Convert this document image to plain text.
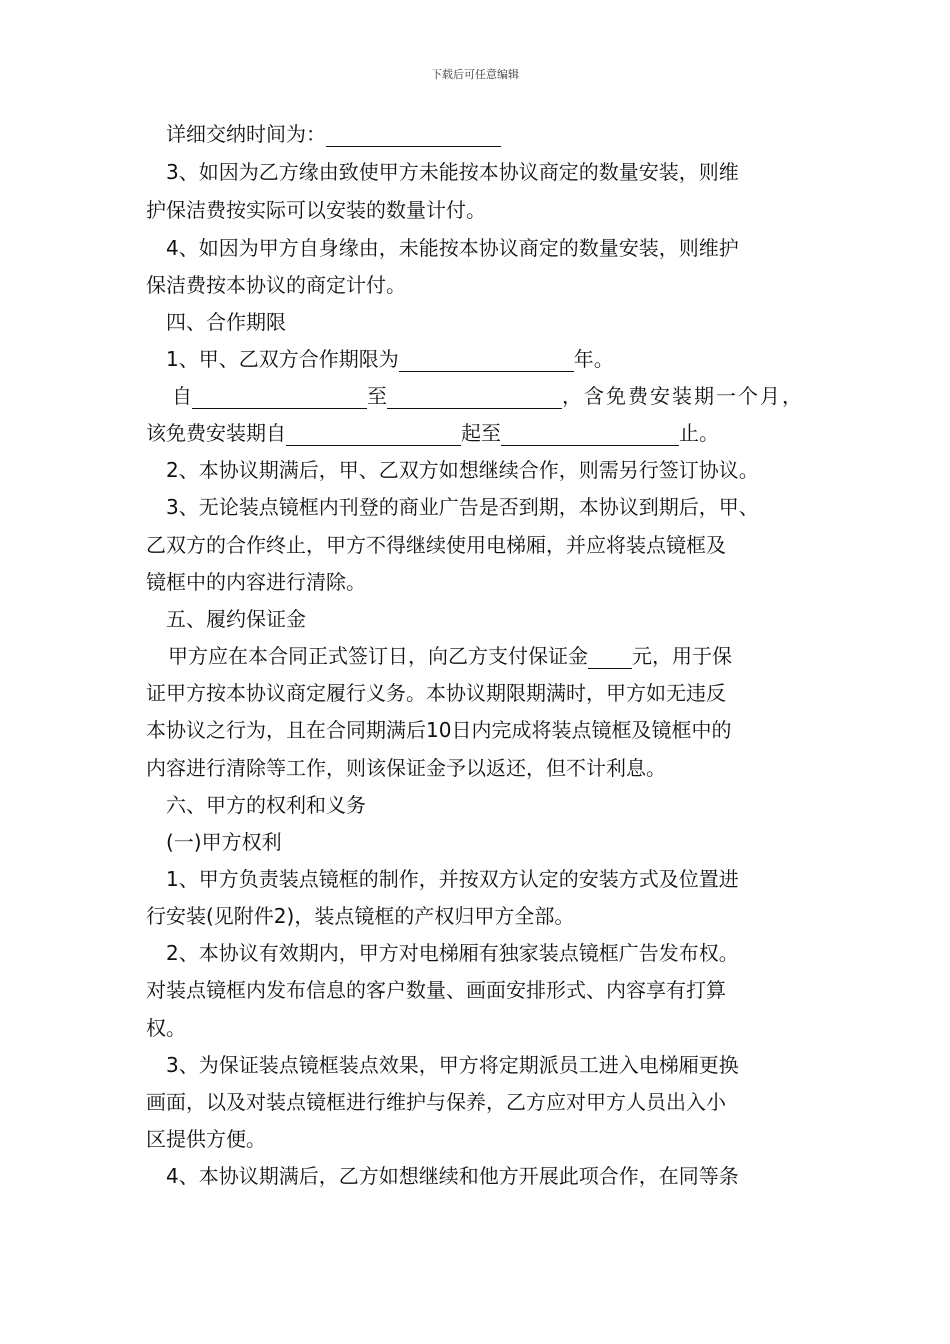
下载后可任意编辑
详细交纳时间为：
3、如因为乙方缘由致使甲方未能按本协议商定的数量安装，则维
护保洁费按实际可以安装的数量计付。
4、如因为甲方自身缘由，未能按本协议商定的数量安装，则维护
保洁费按本协议的商定计付。
四、合作期限
1、甲、乙双方合作期限为	年。
自	至	，含免费安装期一个月，
该免费安装期自	起至	止。
2、本协议期满后，甲、乙双方如想继续合作，则需另行签订协议。
3、无论装点镜框内刊登的商业广告是否到期，本协议到期后，甲、
乙双方的合作终止，甲方不得继续使用电梯厢，并应将装点镜框及
镜框中的内容进行清除。
五、履约保证金
甲方应在本合同正式签订日，向乙方支付保证金 元，用于保
证甲方按本协议商定履行义务。本协议期限期满时，甲方如无违反
本协议之行为，且在合同期满后10日内完成将装点镜框及镜框中的
内容进行清除等工作，则该保证金予以返还，但不计利息。
六、甲方的权利和义务
(一)甲方权利
1、甲方负责装点镜框的制作，并按双方认定的安装方式及位置进
行安装(见附件2)，装点镜框的产权归甲方全部。
2、本协议有效期内，甲方对电梯厢有独家装点镜框广告发布权。
对装点镜框内发布信息的客户数量、画面安排形式、内容享有打算
权。
3、为保证装点镜框装点效果，甲方将定期派员工进入电梯厢更换
画面，以及对装点镜框进行维护与保养，乙方应对甲方人员出入小
区提供方便。
4、本协议期满后，乙方如想继续和他方开展此项合作，在同等条
